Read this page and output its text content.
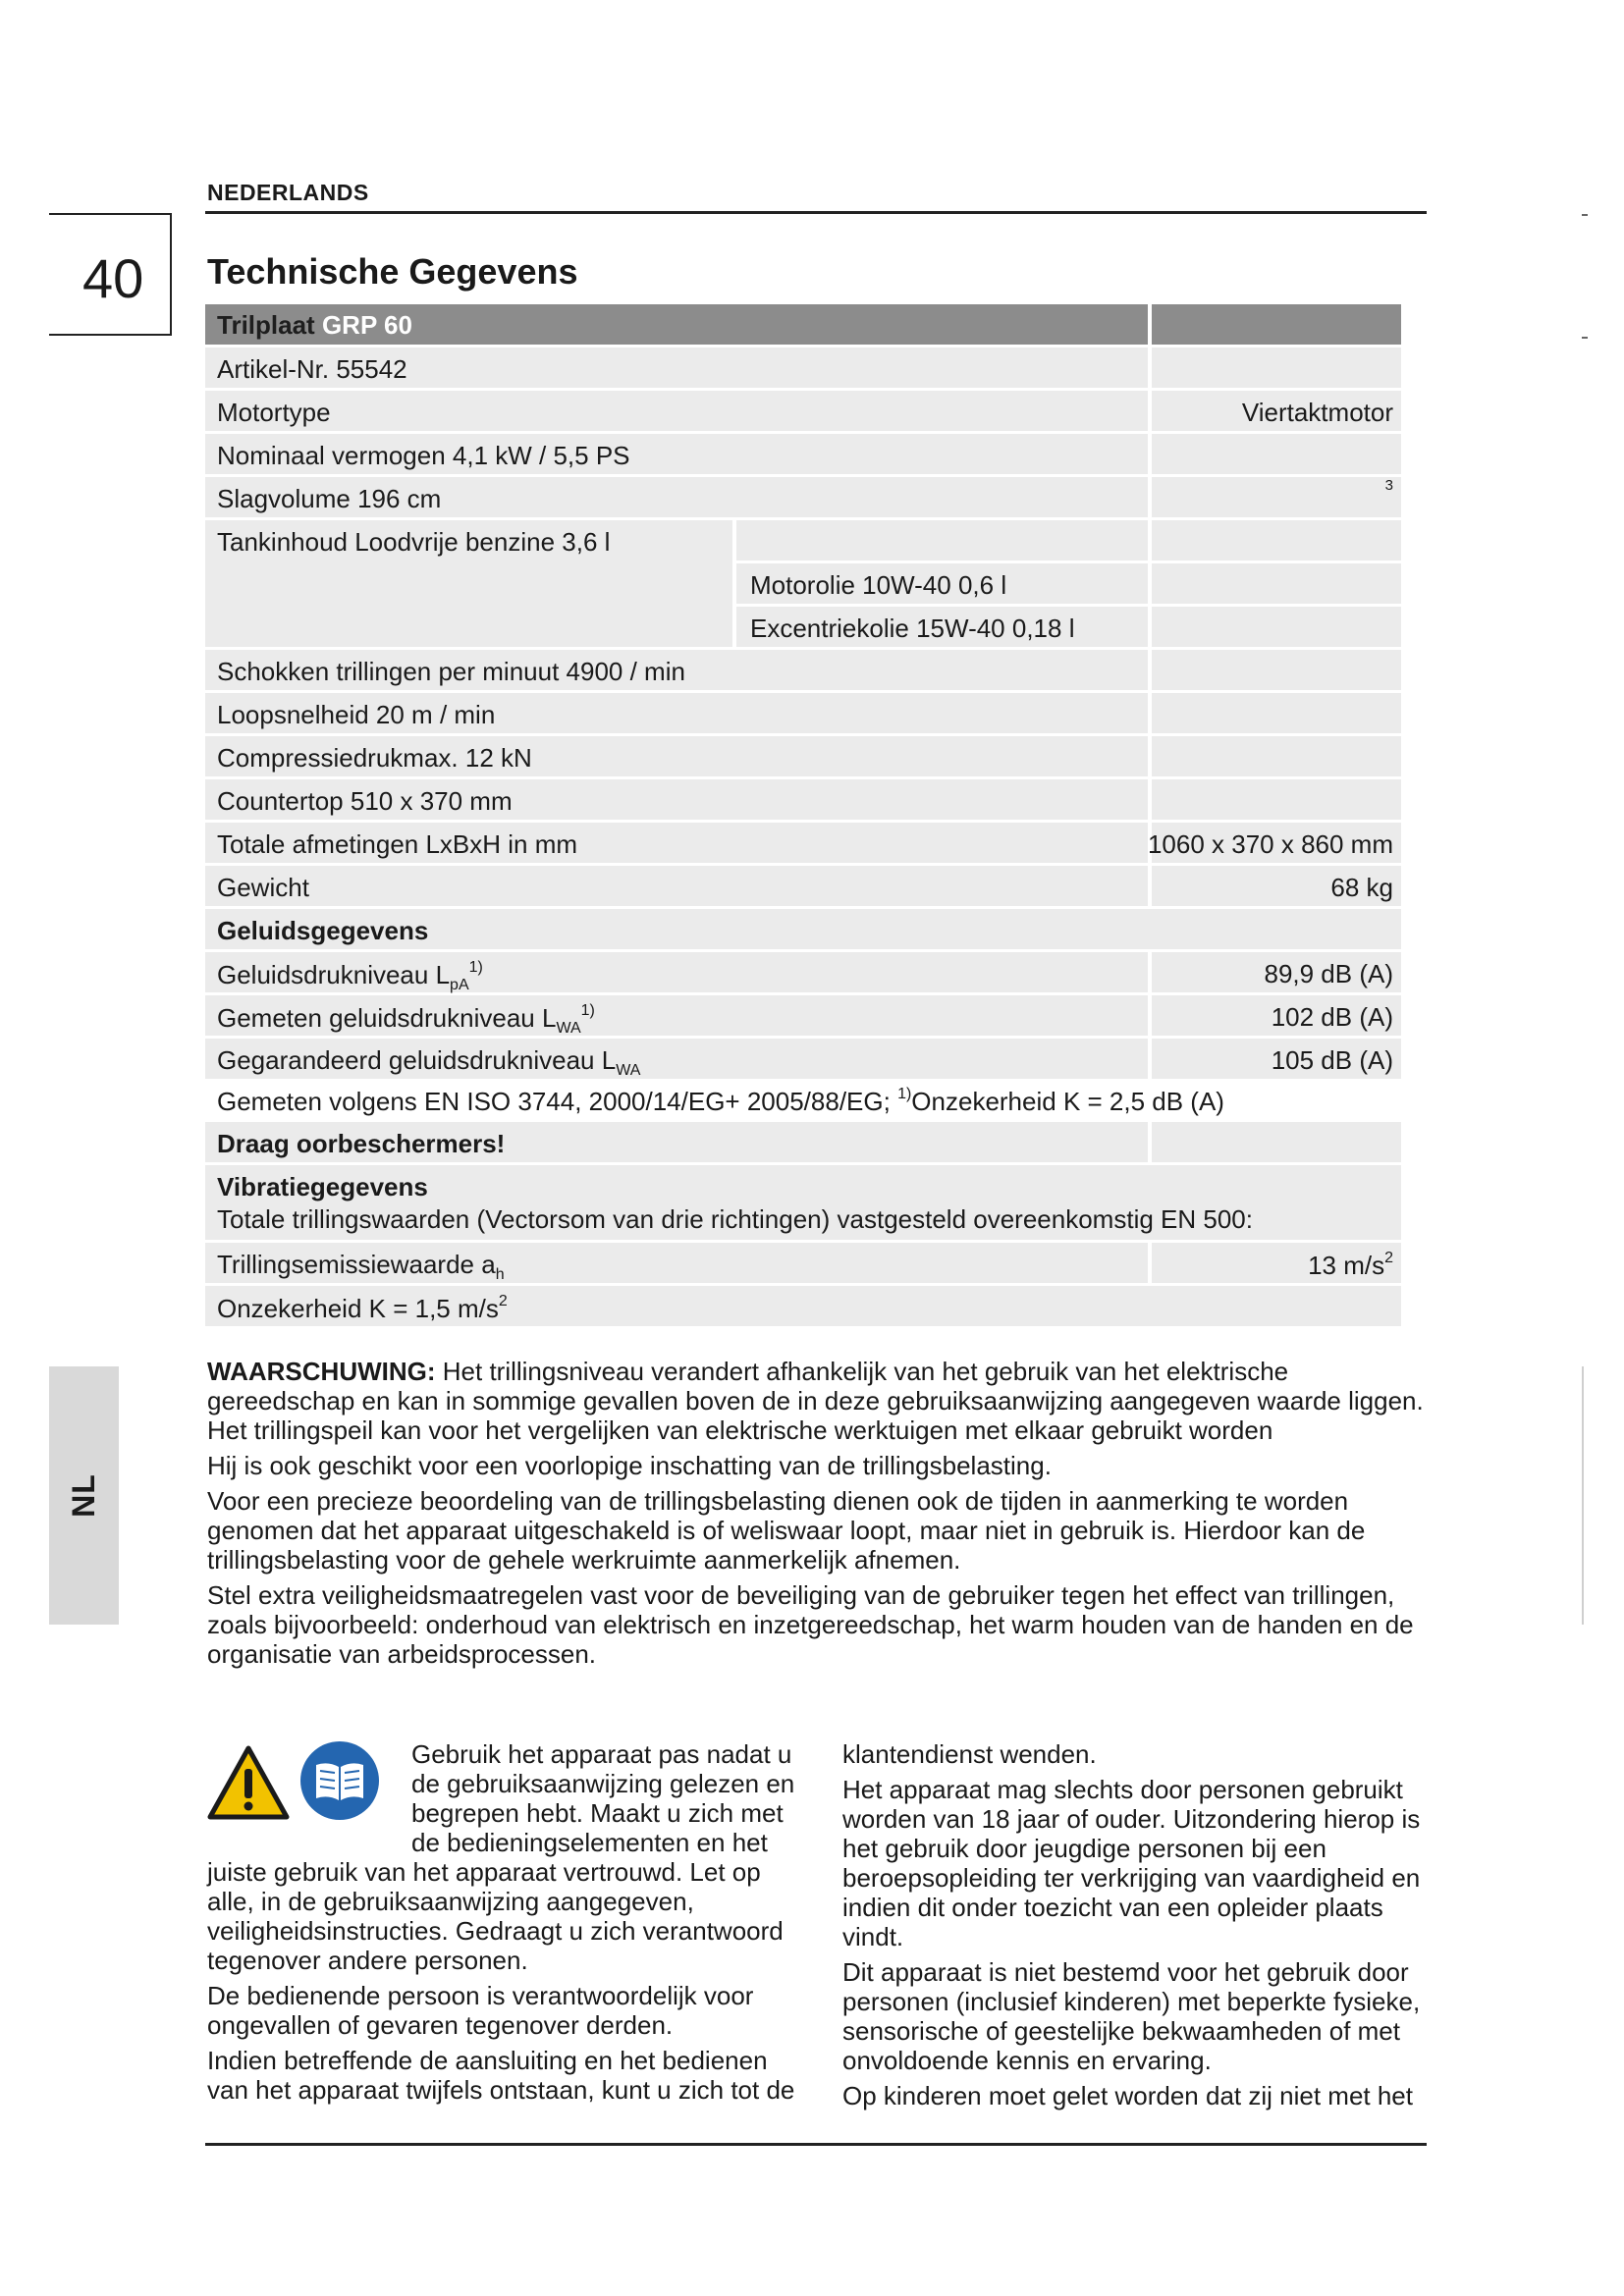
NEDERLANDS
40 Technische Gegevens
Trilplaat GRP 60
Artikel-Nr. 55542
Motortype	Viertaktmotor
Nominaal vermogen 4,1 kW / 5,5 PS
Slagvolume 196 cm	3
Tankinhoud Loodvrije benzine 3,6 l
Motorolie 10W-40 0,6 l
Excentriekolie 15W-40 0,18 l
Schokken trillingen per minuut 4900 / min
Loopsnelheid 20 m / min
Compressiedrukmax. 12 kN
Countertop 510 x 370 mm
Totale afmetingen LxBxH in mm	1060 x 370 x 860 mm
Gewicht	68 kg
Geluidsgegevens
Geluidsdrukniveau $L_{pA}^{1)}$	89,9 dB (A)
Gemeten geluidsdrukniveau $L_{WA}^{1)}$	102 dB (A)
Gegarandeerd geluidsdrukniveau $L_{WA}$	105 dB (A)
Gemeten volgens EN ISO 3744, 2000/14/EG+ 2005/88/EG; $^{1)}$Onzekerheid K = 2,5 dB (A)
Draag oorbeschermers!
Vibratiegegevens
Totale trillingswaarden (Vectorsom van drie richtingen) vastgesteld overeenkomstig EN 500:
Trillingsemissiewaarde $a_h$	13 $m/s^2$
Onzekerheid K = 1,5 $m/s^2$
NL

WAARSCHUWING: Het trillingsniveau verandert afhankelijk van het gebruik van het elektrische gereedschap en kan in sommige gevallen boven de in deze gebruiksaanwijzing aangegeven waarde liggen.
Het trillingspeil kan voor het vergelijken van elektrische werktuigen met elkaar gebruikt worden

Hij is ook geschikt voor een voorlopige inschatting van de trillingsbelasting.

Voor een precieze beoordeling van de trillingsbelasting dienen ook de tijden in aanmerking te worden genomen dat het apparaat uitgeschakeld is of weliswaar loopt, maar niet in gebruik is. Hierdoor kan de trillingsbelasting voor de gehele werkruimte aanmerkelijk afnemen.

Stel extra veiligheidsmaatregelen vast voor de beveiliging van de gebruiker tegen het effect van trillingen, zoals bijvoorbeeld: onderhoud van elektrisch en inzetgereedschap, het warm houden van de handen en de organisatie van arbeidsprocessen.

Gebruik het apparaat pas nadat u de gebruiksaanwijzing gelezen en begrepen hebt. Maakt u zich met de bedieningselementen en het juiste gebruik van het apparaat vertrouwd. Let op alle, in de gebruiksaanwijzing aangegeven, veiligheidsinstructies. Gedraagt u zich verantwoord tegenover andere personen.

De bedienende persoon is verantwoordelijk voor ongevallen of gevaren tegenover derden.

Indien betreffende de aansluiting en het bedienen van het apparaat twijfels ontstaan, kunt u zich tot de

klantendienst wenden.

Het apparaat mag slechts door personen gebruikt worden van 18 jaar of ouder. Uitzondering hierop is het gebruik door jeugdige personen bij een beroepsopleiding ter verkrijging van vaardigheid en indien dit onder toezicht van een opleider plaats vindt.

Dit apparaat is niet bestemd voor het gebruik door personen (inclusief kinderen) met beperkte fysieke, sensorische of geestelijke bekwaamheden of met onvoldoende kennis en ervaring.

Op kinderen moet gelet worden dat zij niet met het
